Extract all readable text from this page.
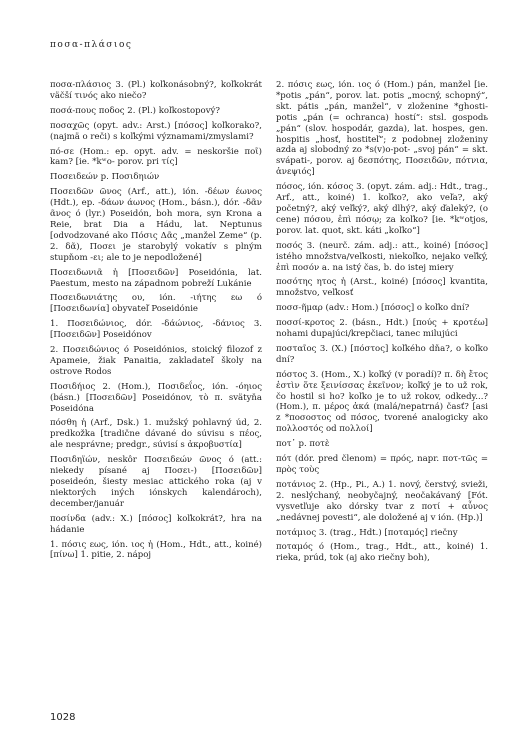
ποσα-πλάσιος

ποσα-πλάσιος 3. (Pl.) koľkonásobný?, koľkokrát väčší τινός ako niečo?

ποσά-πους ποδος 2. (Pl.) koľkostopový?

ποσαχῶς (opyt. adv.: Arst.) [πόσος] koľkorako?, (najmä o reči) s koľkými významami/zmyslami?

πό-σε (Hom.: ep. opyt. adv. = neskoršie ποῖ) kam? [ie. *kʷo- porov. pri τίς]

Ποσειδεών p. Ποσιδηιών

Ποσειδῶν ῶνος (Arf., att.), ión. -δέων έωνος (Hdt.), ep. -δάων άωνος (Hom., básn.), dór. -δᾶν ᾶνος ό (lyr.) Poseidón, boh mora, syn Krona a Reie, brat Dia a Hádu, lat. Neptunus [odvodzované ako Πόσις Δᾶς „manžel Zeme“ (p. 2. δᾶ), Ποσει je starobylý vokatív s plným stupňom -ει; ale to je nepodložené]

Ποσειδωνιᾶ ἡ [Ποσειδῶν] Poseidónia, lat. Paestum, mesto na západnom pobreží Lukánie

Ποσειδωνιάτης ου, ión. -ιήτης εω ό [Ποσειδωνία] obyvateľ Poseidónie

1. Ποσειδώνιος, dór. -δάώνιος, -δάνιος 3. [Ποσειδῶν] Poseidónov

2. Ποσειδώνιος ό Poseidónios, stoický filozof z Apameie, žiak Panaitia, zakladateľ školy na ostrove Rodos

Ποσιδήιος 2. (Hom.), Ποσιδεΐος, ión. -όηιος (básn.) [Ποσειδῶν] Poseidónov, τὸ π. svätyňa Poseidóna

πόσθη ἡ (Arf., Dsk.) 1. mužský pohlavný úd, 2. predkožka [tradične dávané do súvisu s πέος, ale nesprávne; predgr., súvisí s ἀκροβυστία]

Ποσιδηϊών, neskôr Ποσειδεών ῶνος ό (att.: niekedy písané aj Ποσει-) [Ποσειδῶν] poseideón, šiesty mesiac attického roka (aj v niektorých iných iónskych kalendároch), december/január

ποσίνδα (adv.: X.) [πόσος] koľkokrát?, hra na hádanie

1. πόσις εως, ión. ιος ἡ (Hom., Hdt., att., koiné) [πίνω] 1. pitie, 2. nápoj

2. πόσις εως, ión. ιος ό (Hom.) pán, manžel [ie. *potis „pán“, porov. lat. potis „mocný, schopný“, skt. pátis „pán, manžel“, v zloženine *ghosti-potis „pán (= ochranca) hostí“: stsl. gospodь „pán“ (slov. hospodár, gazda), lat. hospes, gen. hospitis „hosť, hostiteľ“; z podobnej zloženiny azda aj slobodný zo *s(v)o-pot- „svoj pán“ = skt. svápati-, porov. aj δεσπότης, Ποσειδῶν, πότνια, ἀνεψιός]

πόσος, ión. κόσος 3. (opyt. zám. adj.: Hdt., trag., Arf., att., koiné) 1. koľko?, ako veľa?, aký početný?, aký veľký?, aký dlhý?, aký ďaleký?, (o cene) πόσου, ἐπὶ πόσῳ; za koľko? [ie. *kʷotjos, porov. lat. quot, skt. káti „koľko“]

ποσός 3. (neurč. zám. adj.: att., koiné) [πόσος] istého množstva/veľkosti, niekoľko, nejako veľký, ἐπὶ ποσόν a. na istý čas, b. do istej miery

ποσότης ητος ἡ (Arst., koiné) [πόσος] kvantita, množstvo, veľkosť

ποσσ-ῆμαρ (adv.: Hom.) [πόσος] o koľko dní?

ποσσί-κροτος 2. (básn., Hdt.) [πούς + κροτέω] nohami dupajúci/krepčiaci, tanec milujúci

ποσταῖος 3. (X.) [πόστος] koľkého dňa?, o koľko dní?

πόστος 3. (Hom., X.) koľký (v poradí)? π. δὴ ἔτος ἐστὶν ὅτε ξεινίσσας ἐκεῖνον; koľký je to už rok, čo hostil si ho? koľko je to už rokov, odkedy...? (Hom.), π. μέρος ἀκά (malá/nepatrná) časť? [asi z *ποσοστος od πόσος, tvorené analogicky ako πολλοστός od πολλοί]

ποτ᾽ p. ποτὲ

πότ (dór. pred členom) = πρός, napr. ποτ-τῶς = πρὸς τοὺς

ποτάνιος 2. (Hp., Pi., A.) 1. nový, čerstvý, svieži, 2. neslýchaný, neobyčajný, neočakávaný [Fót. vysvetľuje ako dórsky tvar z ποτί + αὖνος „nedávnej povesti“, ale doložené aj v ión. (Hp.)]

ποτάμιος 3. (trag., Hdt.) [ποταμός] riečny

ποταμός ό (Hom., trag., Hdt., att., koiné) 1. rieka, prúd, tok (aj ako riečny boh),

1028
